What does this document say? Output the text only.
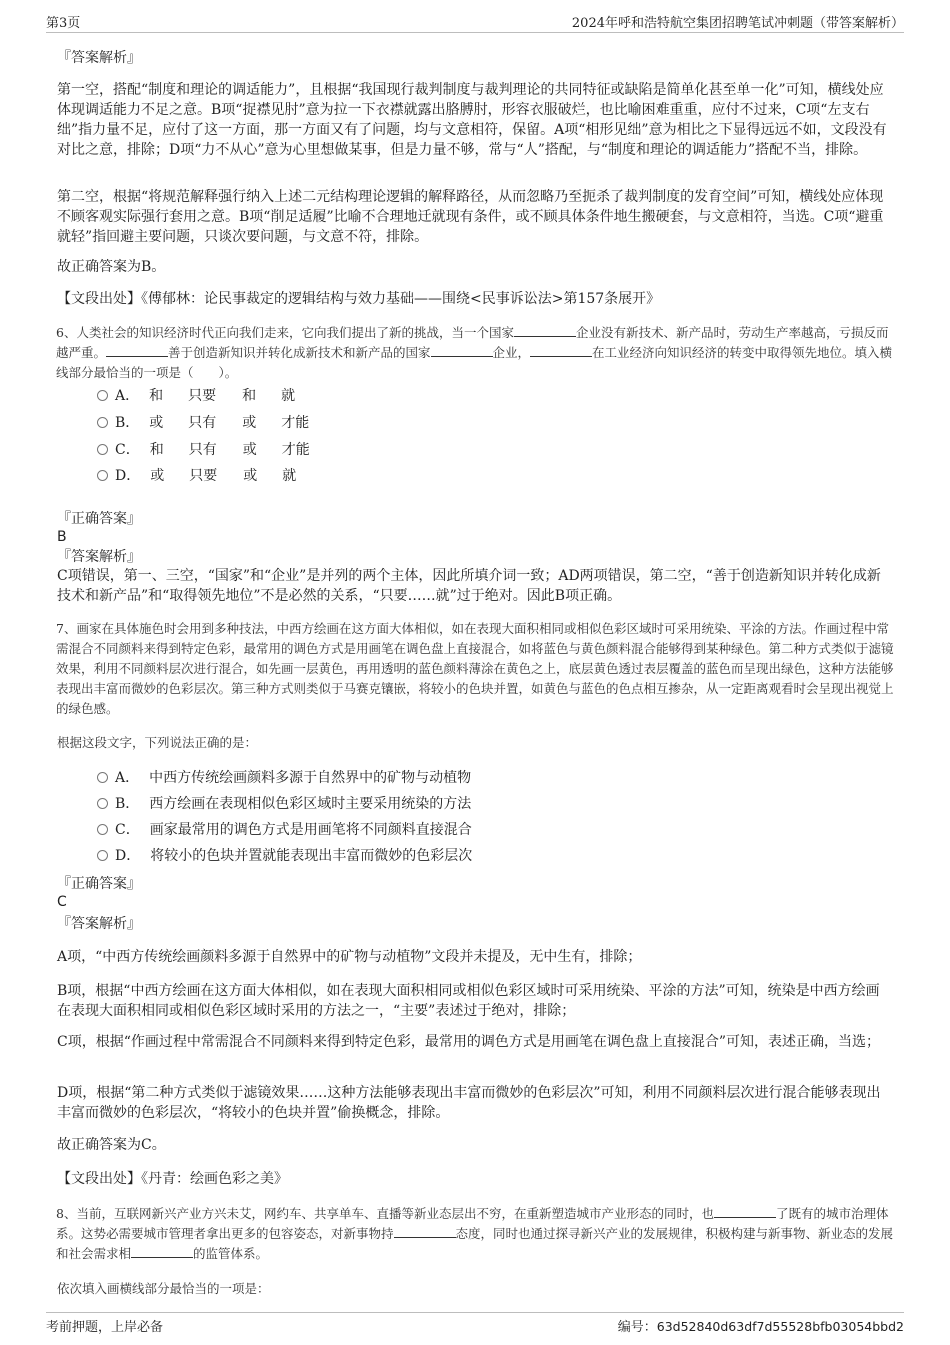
第3页	2024年呼和浩特航空集团招聘笔试冲刺题（带答案解析）

『答案解析』

第一空，搭配“制度和理论的调适能力”，且根据“我国现行裁判制度与裁判理论的共同特征或缺陷是简单化甚至单一化”可知，横线处应体现调适能力不足之意。B项“捉襟见肘”意为拉一下衣襟就露出胳膊肘，形容衣服破烂，也比喻困难重重，应付不过来，C项“左支右绌”指力量不足，应付了这一方面，那一方面又有了问题，均与文意相符，保留。A项“相形见绌”意为相比之下显得远远不如，文段没有对比之意，排除；D项“力不从心”意为心里想做某事，但是力量不够，常与“人”搭配，与“制度和理论的调适能力”搭配不当，排除。

第二空，根据“将规范解释强行纳入上述二元结构理论逻辑的解释路径，从而忽略乃至扼杀了裁判制度的发育空间”可知，横线处应体现不顾客观实际强行套用之意。B项“削足适履”比喻不合理地迁就现有条件，或不顾具体条件地生搬硬套，与文意相符，当选。C项“避重就轻”指回避主要问题，只谈次要问题，与文意不符，排除。

故正确答案为B。

【文段出处】《傅郁林：论民事裁定的逻辑结构与效力基础——围绕<民事诉讼法>第157条展开》

6、人类社会的知识经济时代正向我们走来，它向我们提出了新的挑战，当一个国家	企业没有新技术、新产品时，劳动生产率越高，亏损反而越严重。	善于创造新知识并转化成新技术和新产品的国家	企业，	在工业经济向知识经济的转变中取得领先地位。填入横线部分最恰当的一项是（　　）。

A． 和 只要 和 就
B． 或 只有 或 才能
C． 和 只有 或 才能
D． 或 只要 或 就

『正确答案』

B

『答案解析』

C项错误，第一、三空，“国家”和“企业”是并列的两个主体，因此所填介词一致；AD两项错误，第二空，“善于创造新知识并转化成新技术和新产品”和“取得领先地位”不是必然的关系，“只要……就”过于绝对。因此B项正确。

7、画家在具体施色时会用到多种技法，中西方绘画在这方面大体相似，如在表现大面积相同或相似色彩区域时可采用统染、平涂的方法。作画过程中常需混合不同颜料来得到特定色彩，最常用的调色方式是用画笔在调色盘上直接混合，如将蓝色与黄色颜料混合能够得到某种绿色。第二种方式类似于滤镜效果，利用不同颜料层次进行混合，如先画一层黄色，再用透明的蓝色颜料薄涂在黄色之上，底层黄色透过表层覆盖的蓝色而呈现出绿色，这种方法能够表现出丰富而微妙的色彩层次。第三种方式则类似于马赛克镶嵌，将较小的色块并置，如黄色与蓝色的色点相互掺杂，从一定距离观看时会呈现出视觉上的绿色感。

根据这段文字，下列说法正确的是：

A． 中西方传统绘画颜料多源于自然界中的矿物与动植物
B． 西方绘画在表现相似色彩区域时主要采用统染的方法
C． 画家最常用的调色方式是用画笔将不同颜料直接混合
D． 将较小的色块并置就能表现出丰富而微妙的色彩层次

『正确答案』

C

『答案解析』

A项，“中西方传统绘画颜料多源于自然界中的矿物与动植物”文段并未提及，无中生有，排除；

B项，根据“中西方绘画在这方面大体相似，如在表现大面积相同或相似色彩区域时可采用统染、平涂的方法”可知，统染是中西方绘画在表现大面积相同或相似色彩区域时采用的方法之一，“主要”表述过于绝对，排除；

C项，根据“作画过程中常需混合不同颜料来得到特定色彩，最常用的调色方式是用画笔在调色盘上直接混合”可知，表述正确，当选；

D项，根据“第二种方式类似于滤镜效果……这种方法能够表现出丰富而微妙的色彩层次”可知，利用不同颜料层次进行混合能够表现出丰富而微妙的色彩层次，“将较小的色块并置”偷换概念，排除。

故正确答案为C。

【文段出处】《丹青：绘画色彩之美》

8、当前，互联网新兴产业方兴未艾，网约车、共享单车、直播等新业态层出不穷，在重新塑造城市产业形态的同时，也	了既有的城市治理体系。这势必需要城市管理者拿出更多的包容姿态，对新事物持	态度，同时也通过探寻新兴产业的发展规律，积极构建与新事物、新业态的发展和社会需求相	的监管体系。

依次填入画横线部分最恰当的一项是：

考前押题，上岸必备	编号：63d52840d63df7d55528bfb03054bbd2
